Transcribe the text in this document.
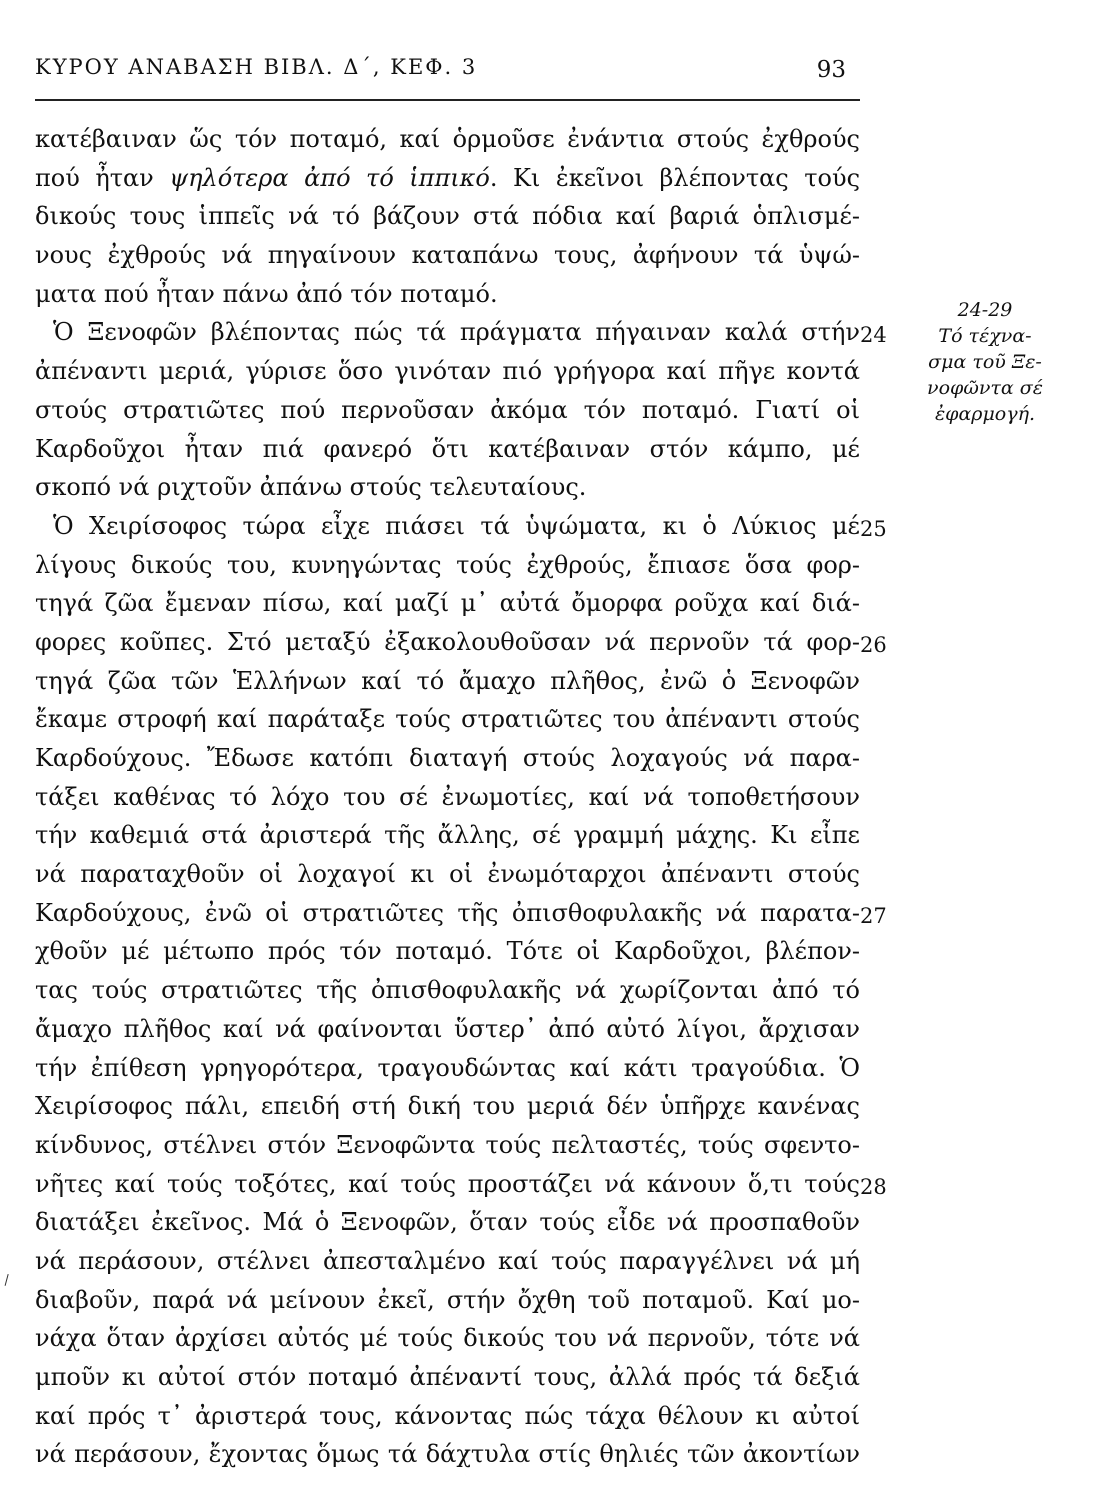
ΚΥΡΟΥ ΑΝΑΒΑΣΗ ΒΙΒΛ. Δ΄, ΚΕΦ. 3	93
κατέβαιναν ὥς τόν ποταμό, καί ὁρμοῦσε ἐνάντια στούς ἐχθρούς
πού ἦταν ψηλότερα ἀπό τό ἱππικό. Κι ἐκεῖνοι βλέποντας τούς
δικούς τους ἱππεῖς νά τό βάζουν στά πόδια καί βαριά ὁπλισμέ-
νους ἐχθρούς νά πηγαίνουν καταπάνω τους, ἀφήνουν τά ὑψώ-
ματα πού ἦταν πάνω ἀπό τόν ποταμό.
Ὁ Ξενοφῶν βλέποντας πώς τά πράγματα πήγαιναν καλά στήν
ἀπέναντι μεριά, γύρισε ὅσο γινόταν πιό γρήγορα καί πῆγε κοντά
στούς στρατιῶτες πού περνοῦσαν ἀκόμα τόν ποταμό. Γιατί οἱ
Καρδοῦχοι ἦταν πιά φανερό ὅτι κατέβαιναν στόν κάμπο, μέ
σκοπό νά ριχτοῦν ἀπάνω στούς τελευταίους.
Ὁ Χειρίσοφος τώρα εἶχε πιάσει τά ὑψώματα, κι ὁ Λύκιος μέ
λίγους δικούς του, κυνηγώντας τούς ἐχθρούς, ἔπιασε ὅσα φορ-
τηγά ζῶα ἔμεναν πίσω, καί μαζί μ᾿ αὐτά ὄμορφα ροῦχα καί διά-
φορες κοῦπες. Στό μεταξύ ἐξακολουθοῦσαν νά περνοῦν τά φορ-
τηγά ζῶα τῶν Ἑλλήνων καί τό ἄμαχο πλῆθος, ἐνῶ ὁ Ξενοφῶν
ἔκαμε στροφή καί παράταξε τούς στρατιῶτες του ἀπέναντι στούς
Καρδούχους. Ἔδωσε κατόπι διαταγή στούς λοχαγούς νά παρα-
τάξει καθένας τό λόχο του σέ ἐνωμοτίες, καί νά τοποθετήσουν
τήν καθεμιά στά ἀριστερά τῆς ἄλλης, σέ γραμμή μάχης. Κι εἶπε
νά παραταχθοῦν οἱ λοχαγοί κι οἱ ἐνωμόταρχοι ἀπέναντι στούς
Καρδούχους, ἐνῶ οἱ στρατιῶτες τῆς ὀπισθοφυλακῆς νά παρατα-
χθοῦν μέ μέτωπο πρός τόν ποταμό. Τότε οἱ Καρδοῦχοι, βλέπον-
τας τούς στρατιῶτες τῆς ὀπισθοφυλακῆς νά χωρίζονται ἀπό τό
ἄμαχο πλῆθος καί νά φαίνονται ὕστερ᾿ ἀπό αὐτό λίγοι, ἄρχισαν
τήν ἐπίθεση γρηγορότερα, τραγουδώντας καί κάτι τραγούδια. Ὁ
Χειρίσοφος πάλι, επειδή στή δική του μεριά δέν ὑπῆρχε κανένας
κίνδυνος, στέλνει στόν Ξενοφῶντα τούς πελταστές, τούς σφεντο-
νῆτες καί τούς τοξότες, καί τούς προστάζει νά κάνουν ὅ,τι τούς
διατάξει ἐκεῖνος. Μά ὁ Ξενοφῶν, ὅταν τούς εἶδε νά προσπαθοῦν
νά περάσουν, στέλνει ἀπεσταλμένο καί τούς παραγγέλνει νά μή
διαβοῦν, παρά νά μείνουν ἐκεῖ, στήν ὄχθη τοῦ ποταμοῦ. Καί μο-
νάχα ὅταν ἀρχίσει αὐτός μέ τούς δικούς του νά περνοῦν, τότε νά
μποῦν κι αὐτοί στόν ποταμό ἀπέναντί τους, ἀλλά πρός τά δεξιά
καί πρός τ᾿ ἀριστερά τους, κάνοντας πώς τάχα θέλουν κι αὐτοί
νά περάσουν, ἔχοντας ὅμως τά δάχτυλα στίς θηλιές τῶν ἀκοντίων
24
25
26
27
28
24-29
Τό τέχνα-
σμα τοῦ Ξε-
νοφῶντα σέ
ἐφαρμογή.
